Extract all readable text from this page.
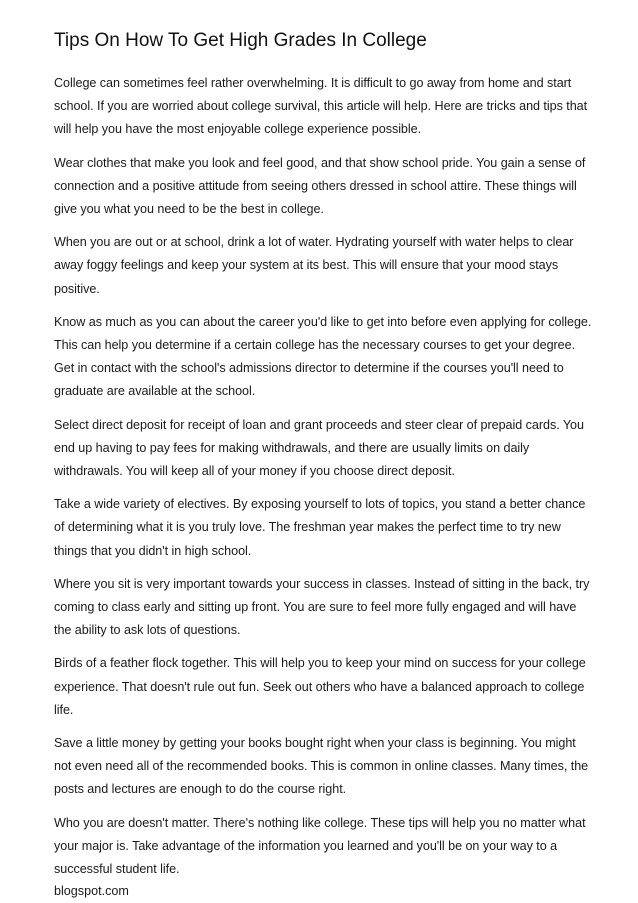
Tips On How To Get High Grades In College

College can sometimes feel rather overwhelming. It is difficult to go away from home and start school. If you are worried about college survival, this article will help. Here are tricks and tips that will help you have the most enjoyable college experience possible.

Wear clothes that make you look and feel good, and that show school pride. You gain a sense of connection and a positive attitude from seeing others dressed in school attire. These things will give you what you need to be the best in college.

When you are out or at school, drink a lot of water. Hydrating yourself with water helps to clear away foggy feelings and keep your system at its best. This will ensure that your mood stays positive.

Know as much as you can about the career you'd like to get into before even applying for college. This can help you determine if a certain college has the necessary courses to get your degree. Get in contact with the school's admissions director to determine if the courses you'll need to graduate are available at the school.

Select direct deposit for receipt of loan and grant proceeds and steer clear of prepaid cards. You end up having to pay fees for making withdrawals, and there are usually limits on daily withdrawals. You will keep all of your money if you choose direct deposit.

Take a wide variety of electives. By exposing yourself to lots of topics, you stand a better chance of determining what it is you truly love. The freshman year makes the perfect time to try new things that you didn't in high school.

Where you sit is very important towards your success in classes. Instead of sitting in the back, try coming to class early and sitting up front. You are sure to feel more fully engaged and will have the ability to ask lots of questions.

Birds of a feather flock together. This will help you to keep your mind on success for your college experience. That doesn't rule out fun. Seek out others who have a balanced approach to college life.

Save a little money by getting your books bought right when your class is beginning. You might not even need all of the recommended books. This is common in online classes. Many times, the posts and lectures are enough to do the course right.

Who you are doesn't matter. There's nothing like college. These tips will help you no matter what your major is. Take advantage of the information you learned and you'll be on your way to a successful student life.

blogspot.com
